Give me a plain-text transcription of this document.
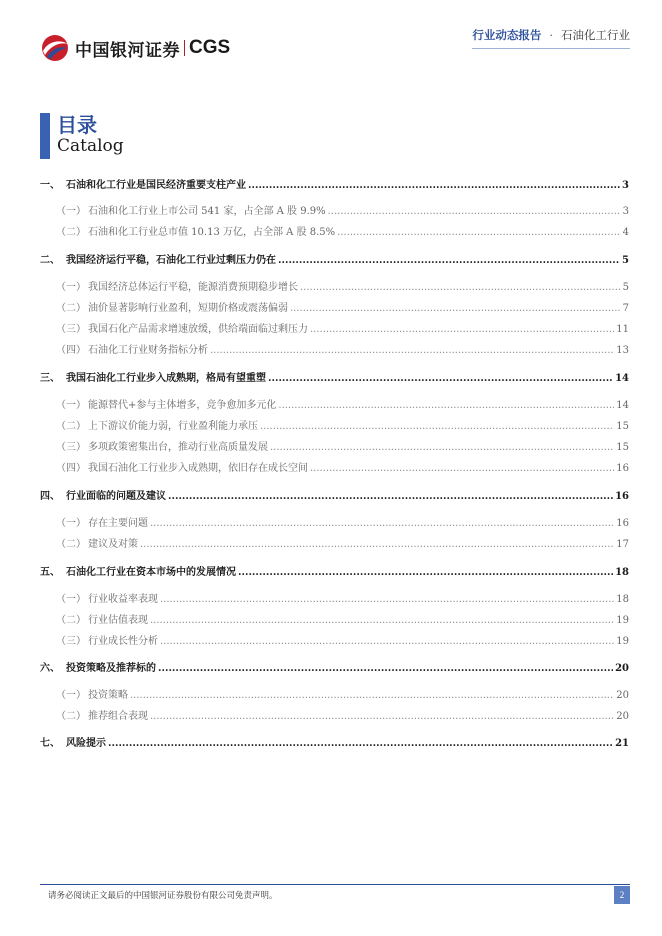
中国银河证券 CGS
行业动态报告 · 石油化工行业
目录
Catalog
一、 石油和化工行业是国民经济重要支柱产业 .....	3
（一） 石油和化工行业上市公司 541 家，占全部 A 股 9.9% .....	3
（二） 石油和化工行业总市值 10.13 万亿，占全部 A 股 8.5% .....	4
二、 我国经济运行平稳，石油化工行业过剩压力仍在 .....	5
（一） 我国经济总体运行平稳，能源消费预期稳步增长 .....	5
（二） 油价显著影响行业盈利，短期价格或震荡偏弱 .....	7
（三） 我国石化产品需求增速放缓，供给端面临过剩压力 .....	11
（四） 石油化工行业财务指标分析 .....	13
三、 我国石油化工行业步入成熟期，格局有望重塑 .....	14
（一） 能源替代+参与主体增多，竞争愈加多元化 .....	14
（二） 上下游议价能力弱，行业盈利能力承压 .....	15
（三） 多项政策密集出台，推动行业高质量发展 .....	15
（四） 我国石油化工行业步入成熟期，依旧存在成长空间 .....	16
四、 行业面临的问题及建议 .....	16
（一） 存在主要问题 .....	16
（二） 建议及对策 .....	17
五、 石油化工行业在资本市场中的发展情况 .....	18
（一） 行业收益率表现 .....	18
（二） 行业估值表现 .....	19
（三） 行业成长性分析 .....	19
六、 投资策略及推荐标的 .....	20
（一） 投资策略 .....	20
（二） 推荐组合表现 .....	20
七、 风险提示 .....	21
请务必阅读正文最后的中国银河证券股份有限公司免责声明。	2
